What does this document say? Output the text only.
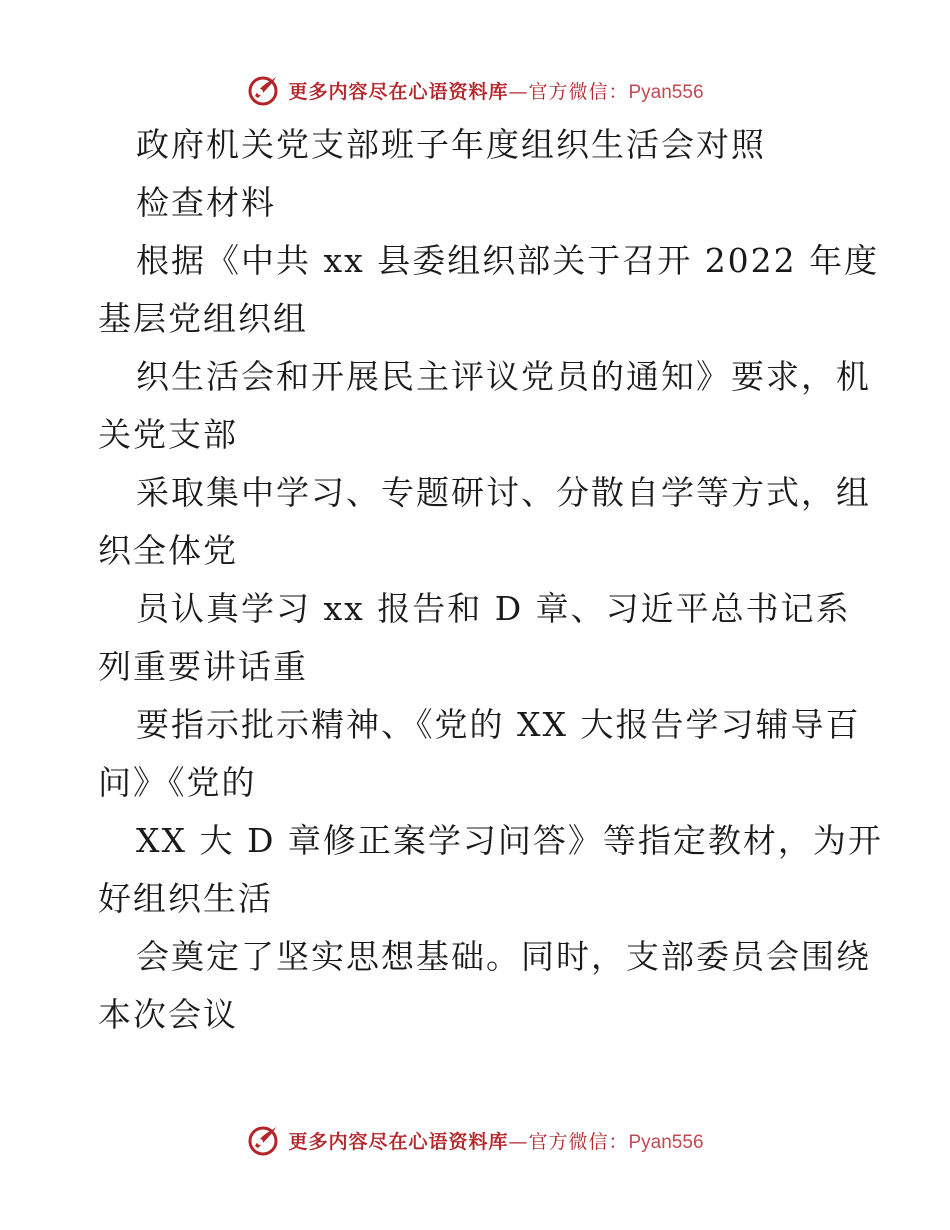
更多内容尽在心语资料库—官方微信：Pyan556
政府机关党支部班子年度组织生活会对照
检查材料
根据《中共 xx 县委组织部关于召开 2022 年度
基层党组织组
织生活会和开展民主评议党员的通知》要求，机
关党支部
采取集中学习、专题研讨、分散自学等方式，组
织全体党
员认真学习 xx 报告和 D 章、习近平总书记系
列重要讲话重
要指示批示精神、《党的 XX 大报告学习辅导百
问》《党的
XX 大 D 章修正案学习问答》等指定教材，为开
好组织生活
会奠定了坚实思想基础。同时，支部委员会围绕
本次会议
更多内容尽在心语资料库—官方微信：Pyan556
